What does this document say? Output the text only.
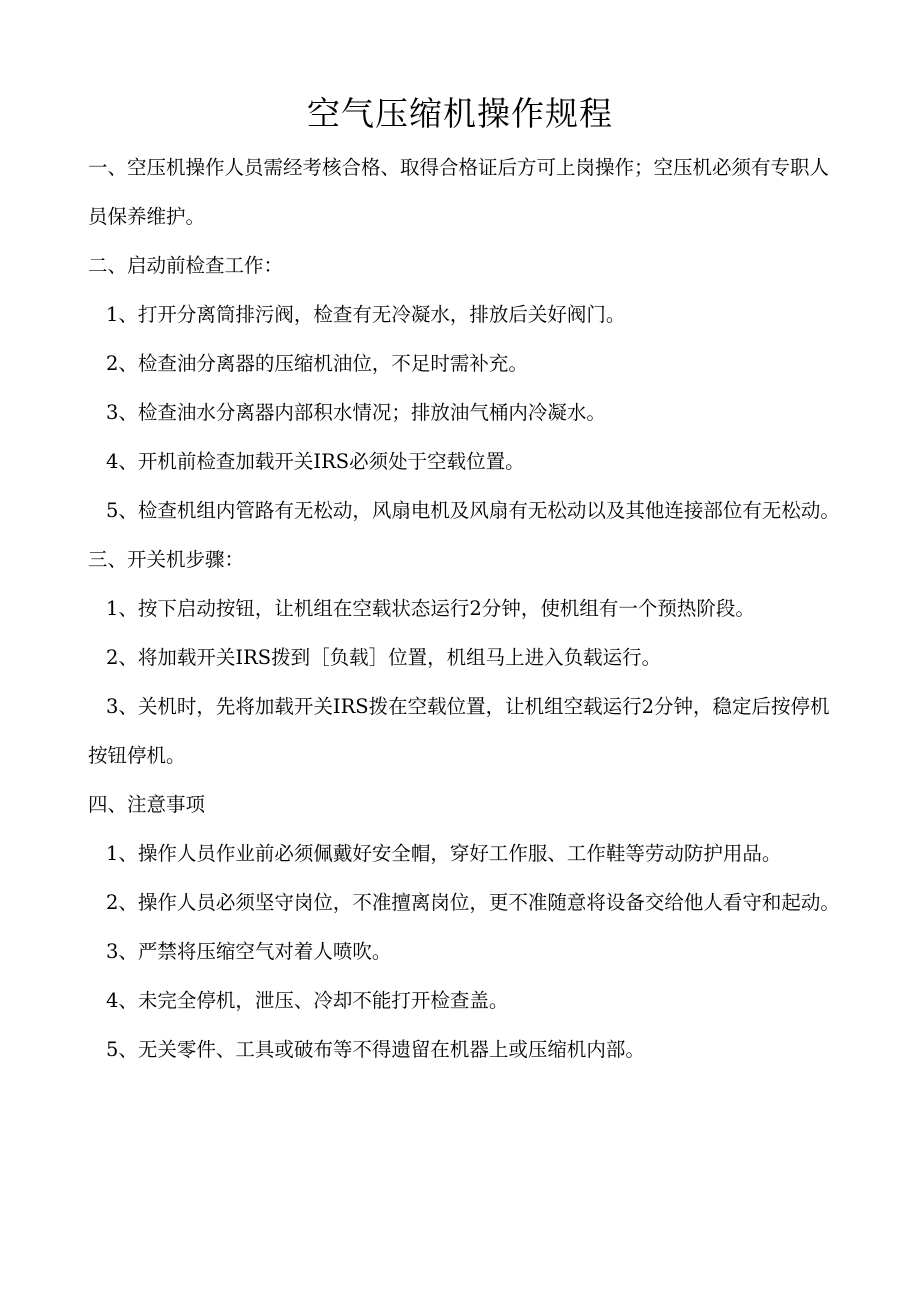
空气压缩机操作规程

一、空压机操作人员需经考核合格、取得合格证后方可上岗操作；空压机必须有专职人员保养维护。

二、启动前检查工作：

1、打开分离筒排污阀，检查有无冷凝水，排放后关好阀门。

2、检查油分离器的压缩机油位，不足时需补充。

3、检查油水分离器内部积水情况；排放油气桶内冷凝水。

4、开机前检查加载开关IRS必须处于空载位置。

5、检查机组内管路有无松动，风扇电机及风扇有无松动以及其他连接部位有无松动。

三、开关机步骤：

1、按下启动按钮，让机组在空载状态运行2分钟，使机组有一个预热阶段。

2、将加载开关IRS拨到［负载］位置，机组马上进入负载运行。

3、关机时，先将加载开关IRS拨在空载位置，让机组空载运行2分钟，稳定后按停机按钮停机。

四、注意事项

1、操作人员作业前必须佩戴好安全帽，穿好工作服、工作鞋等劳动防护用品。

2、操作人员必须坚守岗位，不准擅离岗位，更不准随意将设备交给他人看守和起动。

3、严禁将压缩空气对着人喷吹。

4、未完全停机，泄压、冷却不能打开检查盖。

5、无关零件、工具或破布等不得遗留在机器上或压缩机内部。
